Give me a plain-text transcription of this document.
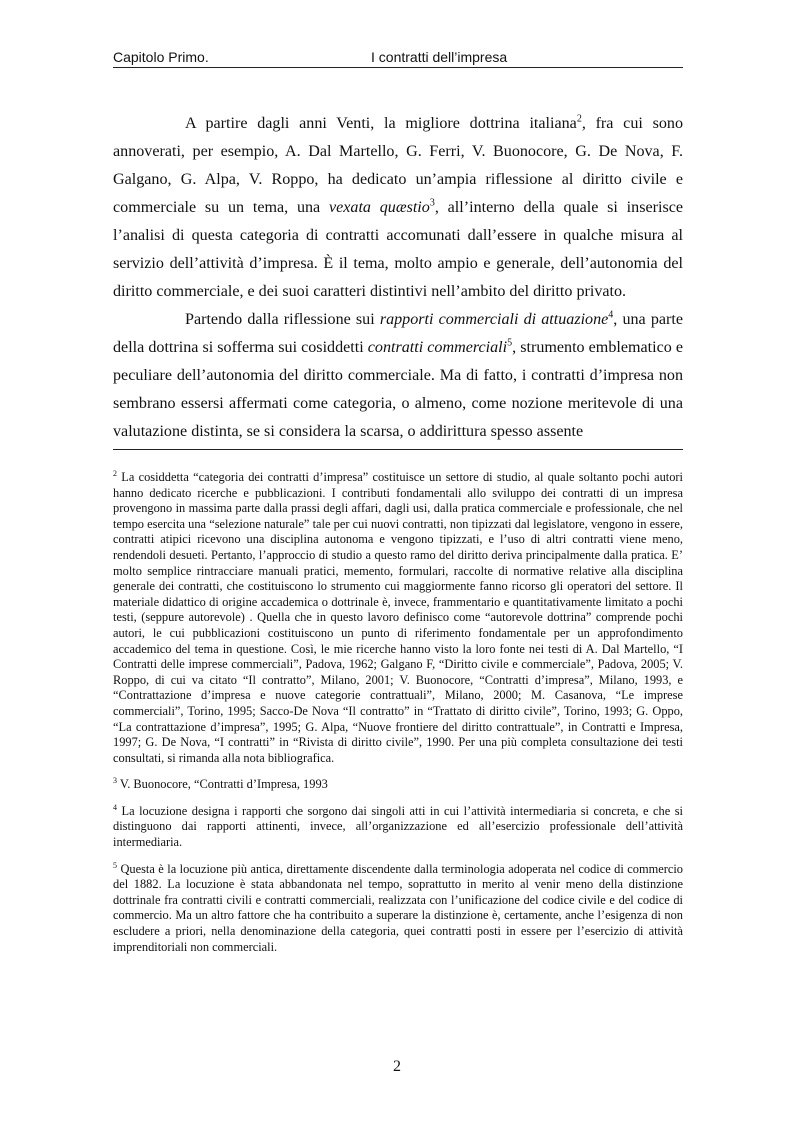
Capitolo Primo.	I contratti dell’impresa

A partire dagli anni Venti, la migliore dottrina italiana$^2$, fra cui sono annoverati, per esempio, A. Dal Martello, G. Ferri, V. Buonocore, G. De Nova, F. Galgano, G. Alpa, V. Roppo, ha dedicato un’ampia riflessione al diritto civile e commerciale su un tema, una vexata quæstio$^3$, all’interno della quale si inserisce l’analisi di questa categoria di contratti accomunati dall’essere in qualche misura al servizio dell’attività d’impresa. È il tema, molto ampio e generale, dell’autonomia del diritto commerciale, e dei suoi caratteri distintivi nell’ambito del diritto privato.

Partendo dalla riflessione sui rapporti commerciali di attuazione$^4$, una parte della dottrina si sofferma sui cosiddetti contratti commerciali$^5$, strumento emblematico e peculiare dell’autonomia del diritto commerciale. Ma di fatto, i contratti d’impresa non sembrano essersi affermati come categoria, o almeno, come nozione meritevole di una valutazione distinta, se si considera la scarsa, o addirittura spesso assente

$^2$ La cosiddetta “categoria dei contratti d’impresa” costituisce un settore di studio, al quale soltanto pochi autori hanno dedicato ricerche e pubblicazioni. I contributi fondamentali allo sviluppo dei contratti di un impresa provengono in massima parte dalla prassi degli affari, dagli usi, dalla pratica commerciale e professionale, che nel tempo esercita una “selezione naturale” tale per cui nuovi contratti, non tipizzati dal legislatore, vengono in essere, contratti atipici ricevono una disciplina autonoma e vengono tipizzati, e l’uso di altri contratti viene meno, rendendoli desueti. Pertanto, l’approccio di studio a questo ramo del diritto deriva principalmente dalla pratica. E’ molto semplice rintracciare manuali pratici, memento, formulari, raccolte di normative relative alla disciplina generale dei contratti, che costituiscono lo strumento cui maggiormente fanno ricorso gli operatori del settore. Il materiale didattico di origine accademica o dottrinale è, invece, frammentario e quantitativamente limitato a pochi testi, (seppure autorevole) . Quella che in questo lavoro definisco come “autorevole dottrina” comprende pochi autori, le cui pubblicazioni costituiscono un punto di riferimento fondamentale per un approfondimento accademico del tema in questione. Così, le mie ricerche hanno visto la loro fonte nei testi di A. Dal Martello, “I Contratti delle imprese commerciali”, Padova, 1962; Galgano F, “Diritto civile e commerciale”, Padova, 2005; V. Roppo, di cui va citato “Il contratto”, Milano, 2001; V. Buonocore, “Contratti d’impresa”, Milano, 1993, e “Contrattazione d’impresa e nuove categorie contrattuali”, Milano, 2000; M. Casanova, “Le imprese commerciali”, Torino, 1995; Sacco-De Nova “Il contratto” in “Trattato di diritto civile”, Torino, 1993; G. Oppo, “La contrattazione d’impresa”, 1995; G. Alpa, “Nuove frontiere del diritto contrattuale”, in Contratti e Impresa, 1997; G. De Nova, “I contratti” in “Rivista di diritto civile”, 1990. Per una più completa consultazione dei testi consultati, si rimanda alla nota bibliografica.

$^3$ V. Buonocore, “Contratti d’Impresa, 1993

$^4$ La locuzione designa i rapporti che sorgono dai singoli atti in cui l’attività intermediaria si concreta, e che si distinguono dai rapporti attinenti, invece, all’organizzazione ed all’esercizio professionale dell’attività intermediaria.

$^5$ Questa è la locuzione più antica, direttamente discendente dalla terminologia adoperata nel codice di commercio del 1882. La locuzione è stata abbandonata nel tempo, soprattutto in merito al venir meno della distinzione dottrinale fra contratti civili e contratti commerciali, realizzata con l’unificazione del codice civile e del codice di commercio. Ma un altro fattore che ha contribuito a superare la distinzione è, certamente, anche l’esigenza di non escludere a priori, nella denominazione della categoria, quei contratti posti in essere per l’esercizio di attività imprenditoriali non commerciali.

2
